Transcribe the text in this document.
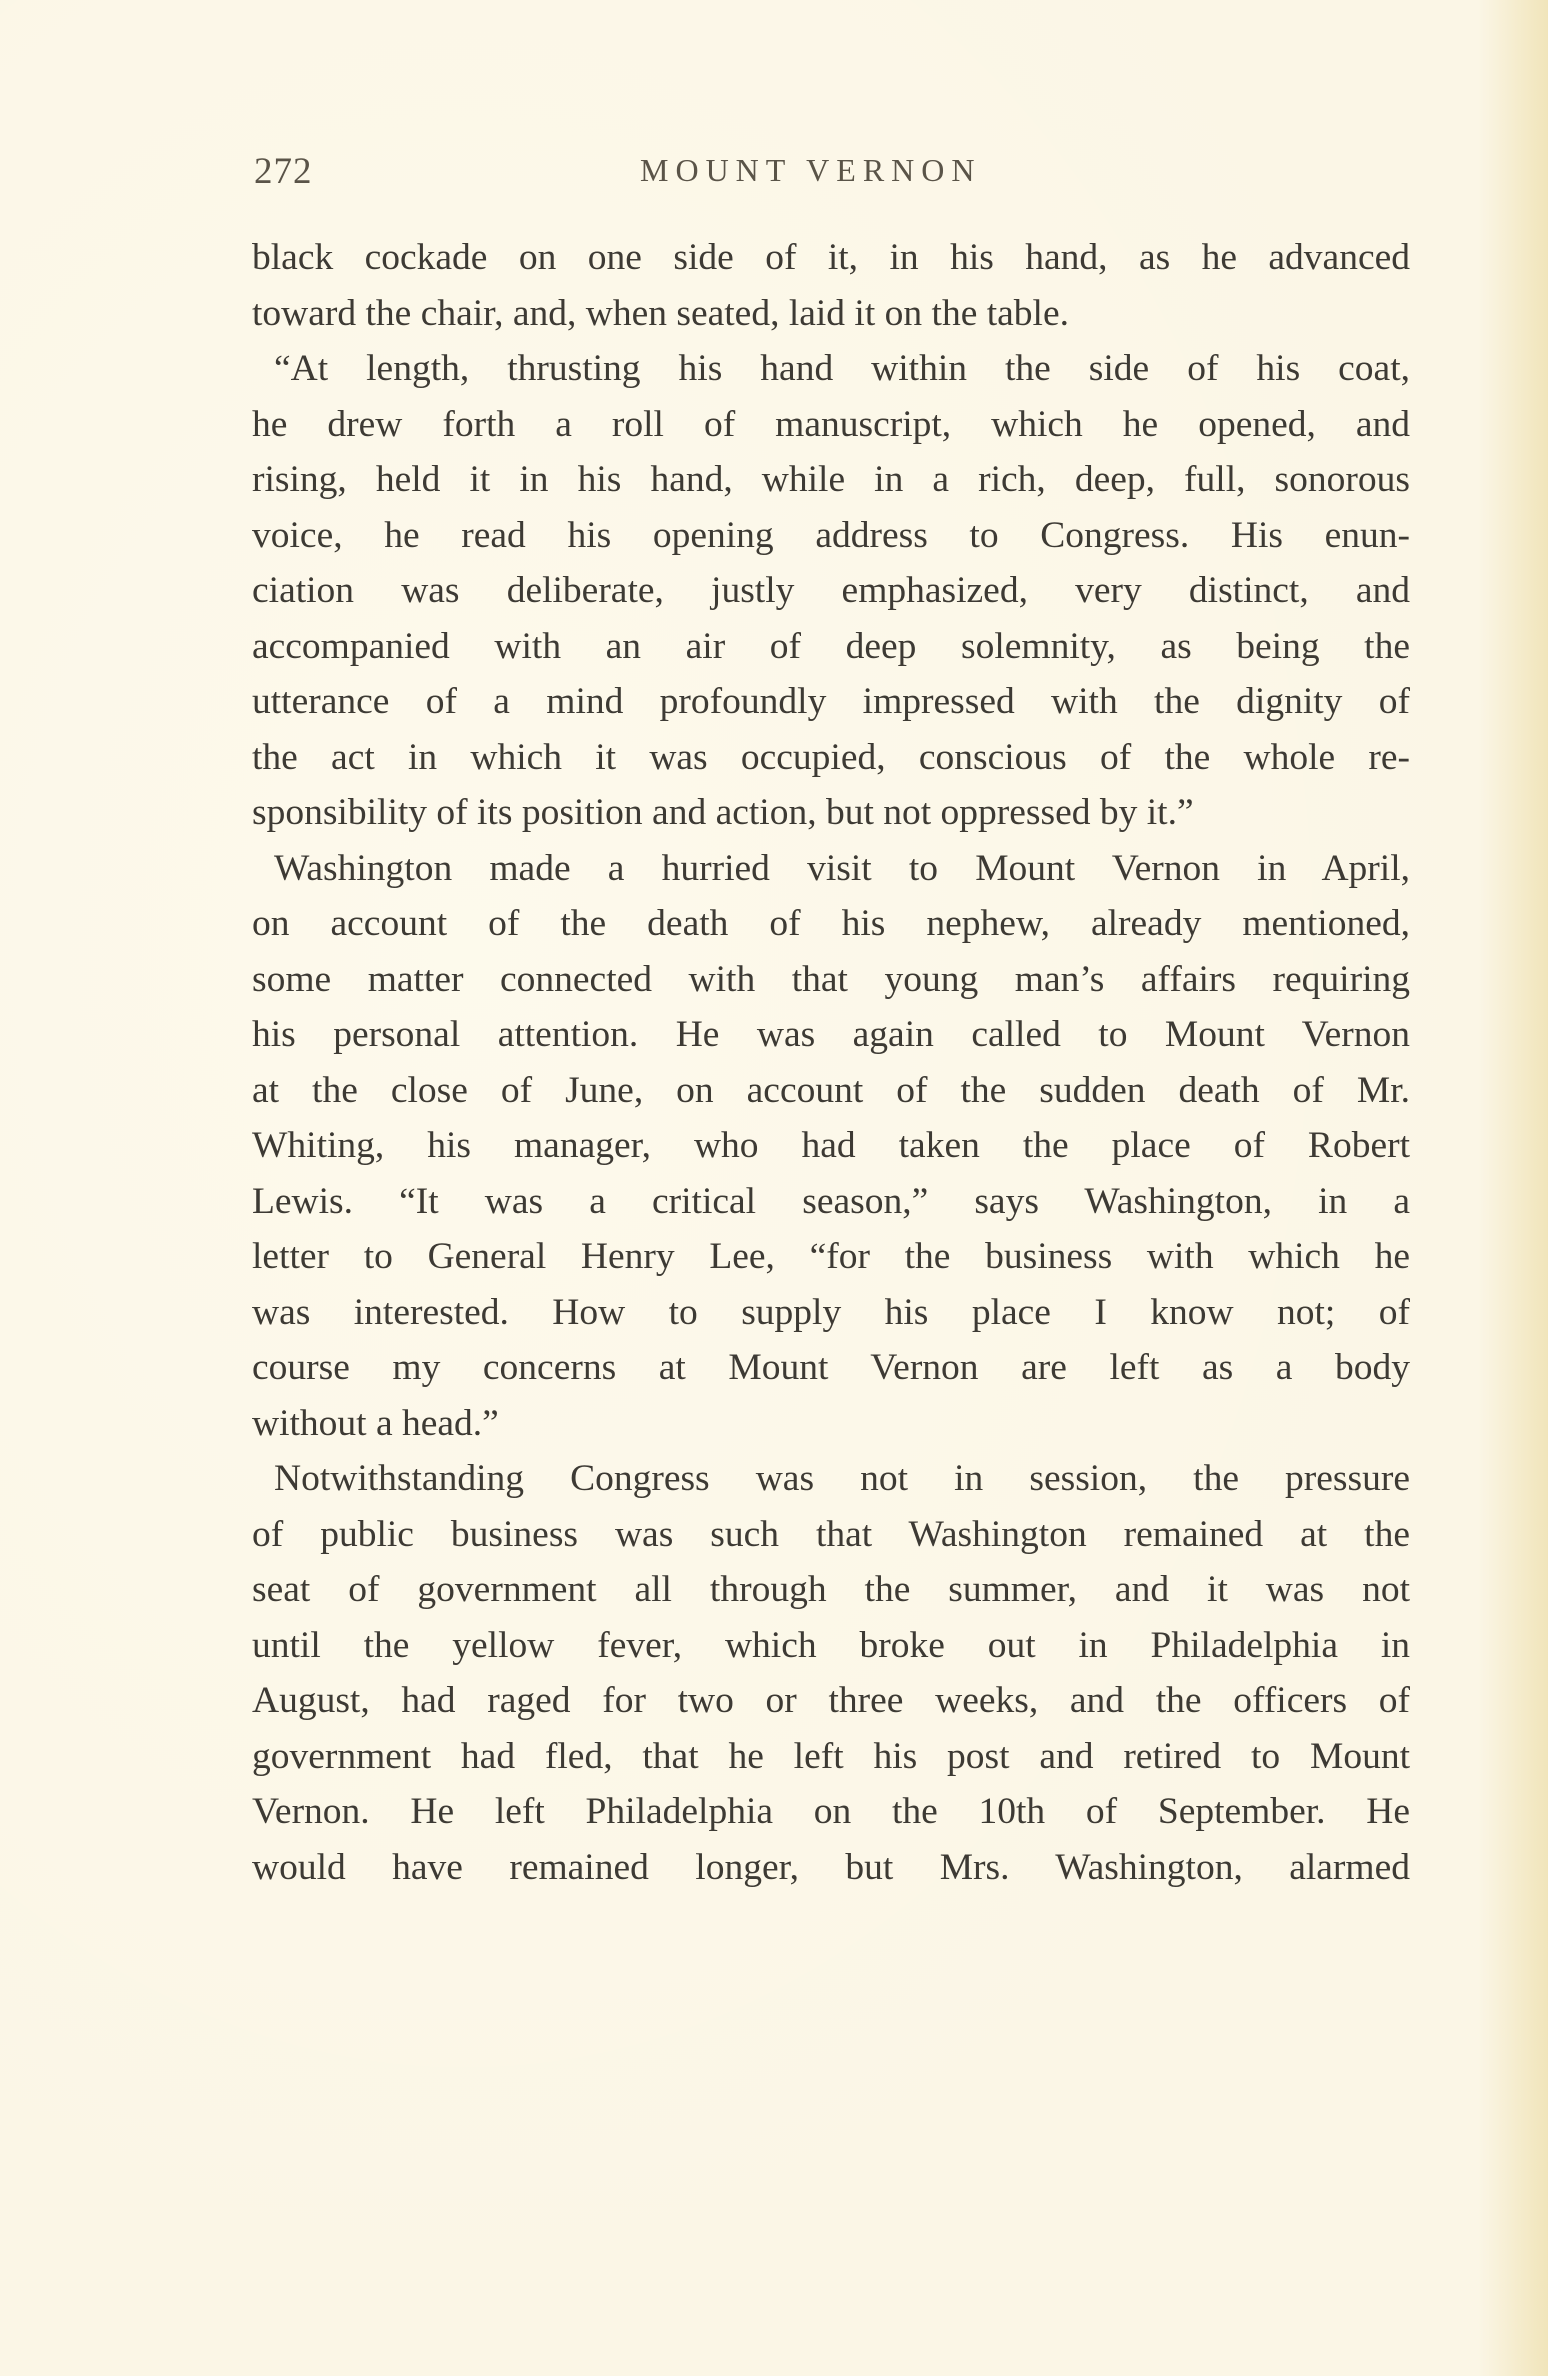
272	MOUNT VERNON
black cockade on one side of it, in his hand, as he advanced
toward the chair, and, when seated, laid it on the table.
“At length, thrusting his hand within the side of his coat,
he drew forth a roll of manuscript, which he opened, and
rising, held it in his hand, while in a rich, deep, full, sonorous
voice, he read his opening address to Congress. His enun-
ciation was deliberate, justly emphasized, very distinct, and
accompanied with an air of deep solemnity, as being the
utterance of a mind profoundly impressed with the dignity of
the act in which it was occupied, conscious of the whole re-
sponsibility of its position and action, but not oppressed by it.”
Washington made a hurried visit to Mount Vernon in April,
on account of the death of his nephew, already mentioned,
some matter connected with that young man’s affairs requiring
his personal attention. He was again called to Mount Vernon
at the close of June, on account of the sudden death of Mr.
Whiting, his manager, who had taken the place of Robert
Lewis. “It was a critical season,” says Washington, in a
letter to General Henry Lee, “for the business with which he
was interested. How to supply his place I know not; of
course my concerns at Mount Vernon are left as a body
without a head.”
Notwithstanding Congress was not in session, the pressure
of public business was such that Washington remained at the
seat of government all through the summer, and it was not
until the yellow fever, which broke out in Philadelphia in
August, had raged for two or three weeks, and the officers of
government had fled, that he left his post and retired to Mount
Vernon. He left Philadelphia on the 10th of September. He
would have remained longer, but Mrs. Washington, alarmed
